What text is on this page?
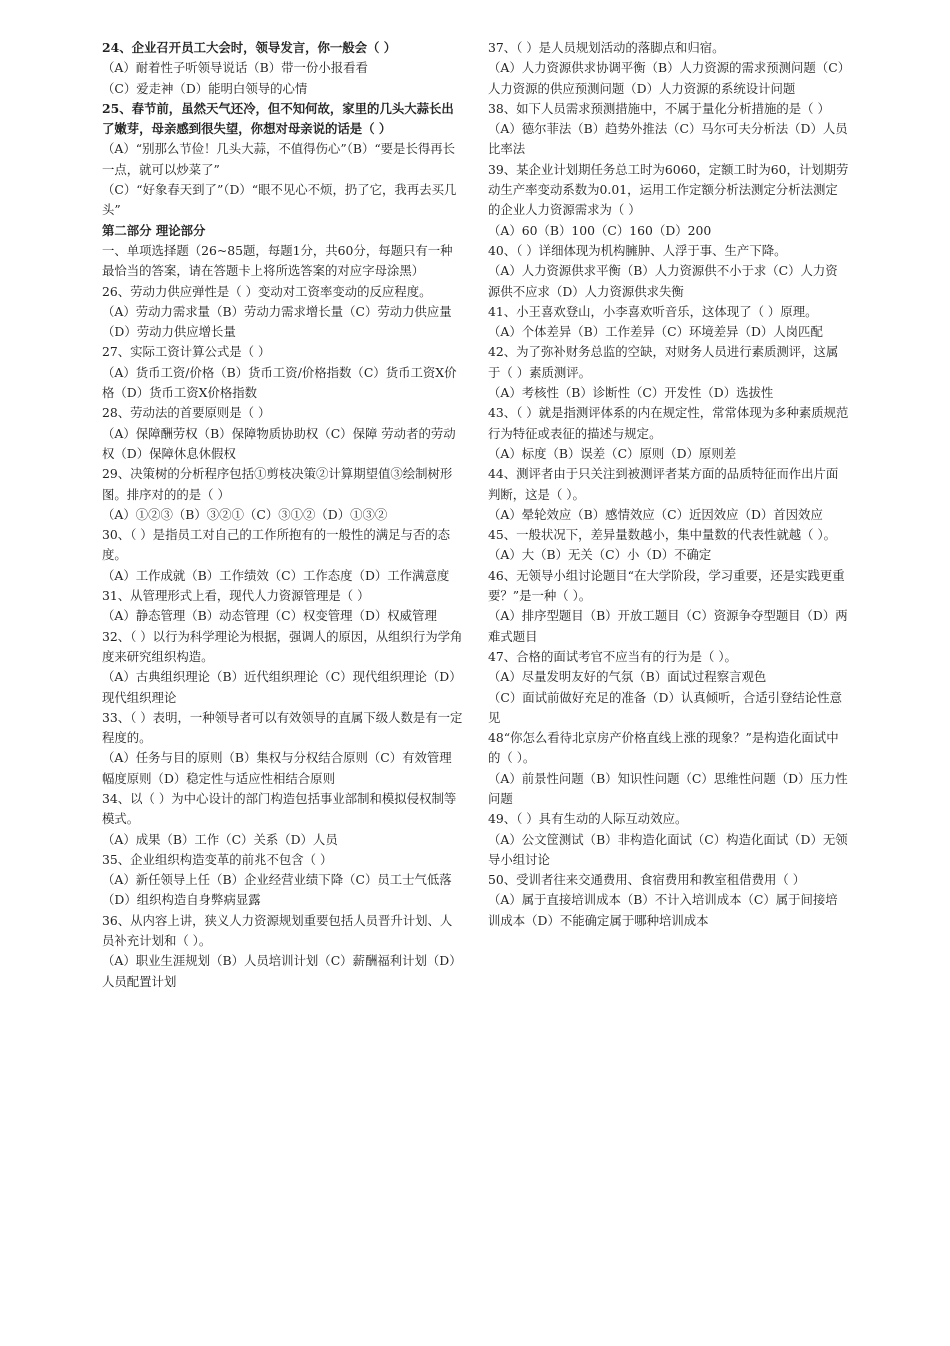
24、企业召开员工大会时，领导发言，你一般会（ ）

（A）耐着性子听领导说话（B）带一份小报看看

（C）爱走神（D）能明白领导的心情

25、春节前，虽然天气还冷，但不知何故，家里的几头大蒜长出了嫩芽，母亲感到很失望，你想对母亲说的话是（ ）

（A）“别那么节俭！几头大蒜，不值得伤心”（B）“要是长得再长一点，就可以炒菜了”

（C）“好象春天到了”（D）“眼不见心不烦，扔了它，我再去买几头”

第二部分 理论部分

一、单项选择题（26~85题，每题1分，共60分，每题只有一种最恰当的答案，请在答题卡上将所选答案的对应字母涂黑）

26、劳动力供应弹性是（ ）变动对工资率变动的反应程度。

（A）劳动力需求量（B）劳动力需求增长量（C）劳动力供应量（D）劳动力供应增长量

27、实际工资计算公式是（ ）

（A）货币工资/价格（B）货币工资/价格指数（C）货币工资X价格（D）货币工资X价格指数

28、劳动法的首要原则是（ ）

（A）保障酬劳权（B）保障物质协助权（C）保障 劳动者的劳动权（D）保障休息休假权

29、决策树的分析程序包括①剪枝决策②计算期望值③绘制树形图。排序对的的是（ ）

（A）①②③（B）③②①（C）③①②（D）①③②

30、（ ）是指员工对自己的工作所抱有的一般性的满足与否的态度。

（A）工作成就（B）工作绩效（C）工作态度（D）工作满意度

31、从管理形式上看，现代人力资源管理是（ ）

（A）静态管理（B）动态管理（C）权变管理（D）权威管理

32、（ ）以行为科学理论为根据，强调人的原因，从组织行为学角度来研究组织构造。

（A）古典组织理论（B）近代组织理论（C）现代组织理论（D）现代组织理论

33、（ ）表明，一种领导者可以有效领导的直属下级人数是有一定程度的。

（A）任务与目的原则（B）集权与分权结合原则（C）有效管理幅度原则（D）稳定性与适应性相结合原则

34、以（ ）为中心设计的部门构造包括事业部制和模拟侵权制等模式。

（A）成果（B）工作（C）关系（D）人员

35、企业组织构造变革的前兆不包含（ ）

（A）新任领导上任（B）企业经营业绩下降（C）员工士气低落（D）组织构造自身弊病显露

36、从内容上讲，狭义人力资源规划重要包括人员晋升计划、人员补充计划和（ ）。

（A）职业生涯规划（B）人员培训计划（C）薪酬福利计划（D）人员配置计划

37、（ ）是人员规划活动的落脚点和归宿。

（A）人力资源供求协调平衡（B）人力资源的需求预测问题（C）人力资源的供应预测问题（D）人力资源的系统设计问题

38、如下人员需求预测措施中，不属于量化分析措施的是（ ）

（A）德尔菲法（B）趋势外推法（C）马尔可夫分析法（D）人员比率法

39、某企业计划期任务总工时为6060，定额工时为60，计划期劳动生产率变动系数为0.01，运用工作定额分析法测定分析法测定的企业人力资源需求为（ ）

（A）60（B）100（C）160（D）200

40、（ ）详细体现为机构臃肿、人浮于事、生产下降。

（A）人力资源供求平衡（B）人力资源供不小于求（C）人力资源供不应求（D）人力资源供求失衡

41、小王喜欢登山，小李喜欢听音乐，这体现了（ ）原理。

（A）个体差异（B）工作差异（C）环境差异（D）人岗匹配

42、为了弥补财务总监的空缺，对财务人员进行素质测评，这属于（ ）素质测评。

（A）考核性（B）诊断性（C）开发性（D）选拔性

43、（ ）就是指测评体系的内在规定性，常常体现为多种素质规范行为特征或表征的描述与规定。

（A）标度（B）误差（C）原则（D）原则差

44、测评者由于只关注到被测评者某方面的品质特征而作出片面判断，这是（ ）。

（A）晕轮效应（B）感情效应（C）近因效应（D）首因效应

45、一般状况下，差异量数越小，集中量数的代表性就越（ ）。

（A）大（B）无关（C）小（D）不确定

46、无领导小组讨论题目“在大学阶段，学习重要，还是实践更重要？”是一种（ ）。

（A）排序型题目（B）开放工题目（C）资源争夺型题目（D）两难式题目

47、合格的面试考官不应当有的行为是（ ）。

（A）尽量发明友好的气氛（B）面试过程察言观色

（C）面试前做好充足的准备（D）认真倾听，合适引登结论性意见

48“你怎么看待北京房产价格直线上涨的现象？”是构造化面试中的（ ）。

（A）前景性问题（B）知识性问题（C）思维性问题（D）压力性问题

49、（ ）具有生动的人际互动效应。

（A）公文筐测试（B）非构造化面试（C）构造化面试（D）无领导小组讨论

50、受训者往来交通费用、食宿费用和教室租借费用（ ）

（A）属于直接培训成本（B）不计入培训成本（C）属于间接培训成本（D）不能确定属于哪种培训成本
